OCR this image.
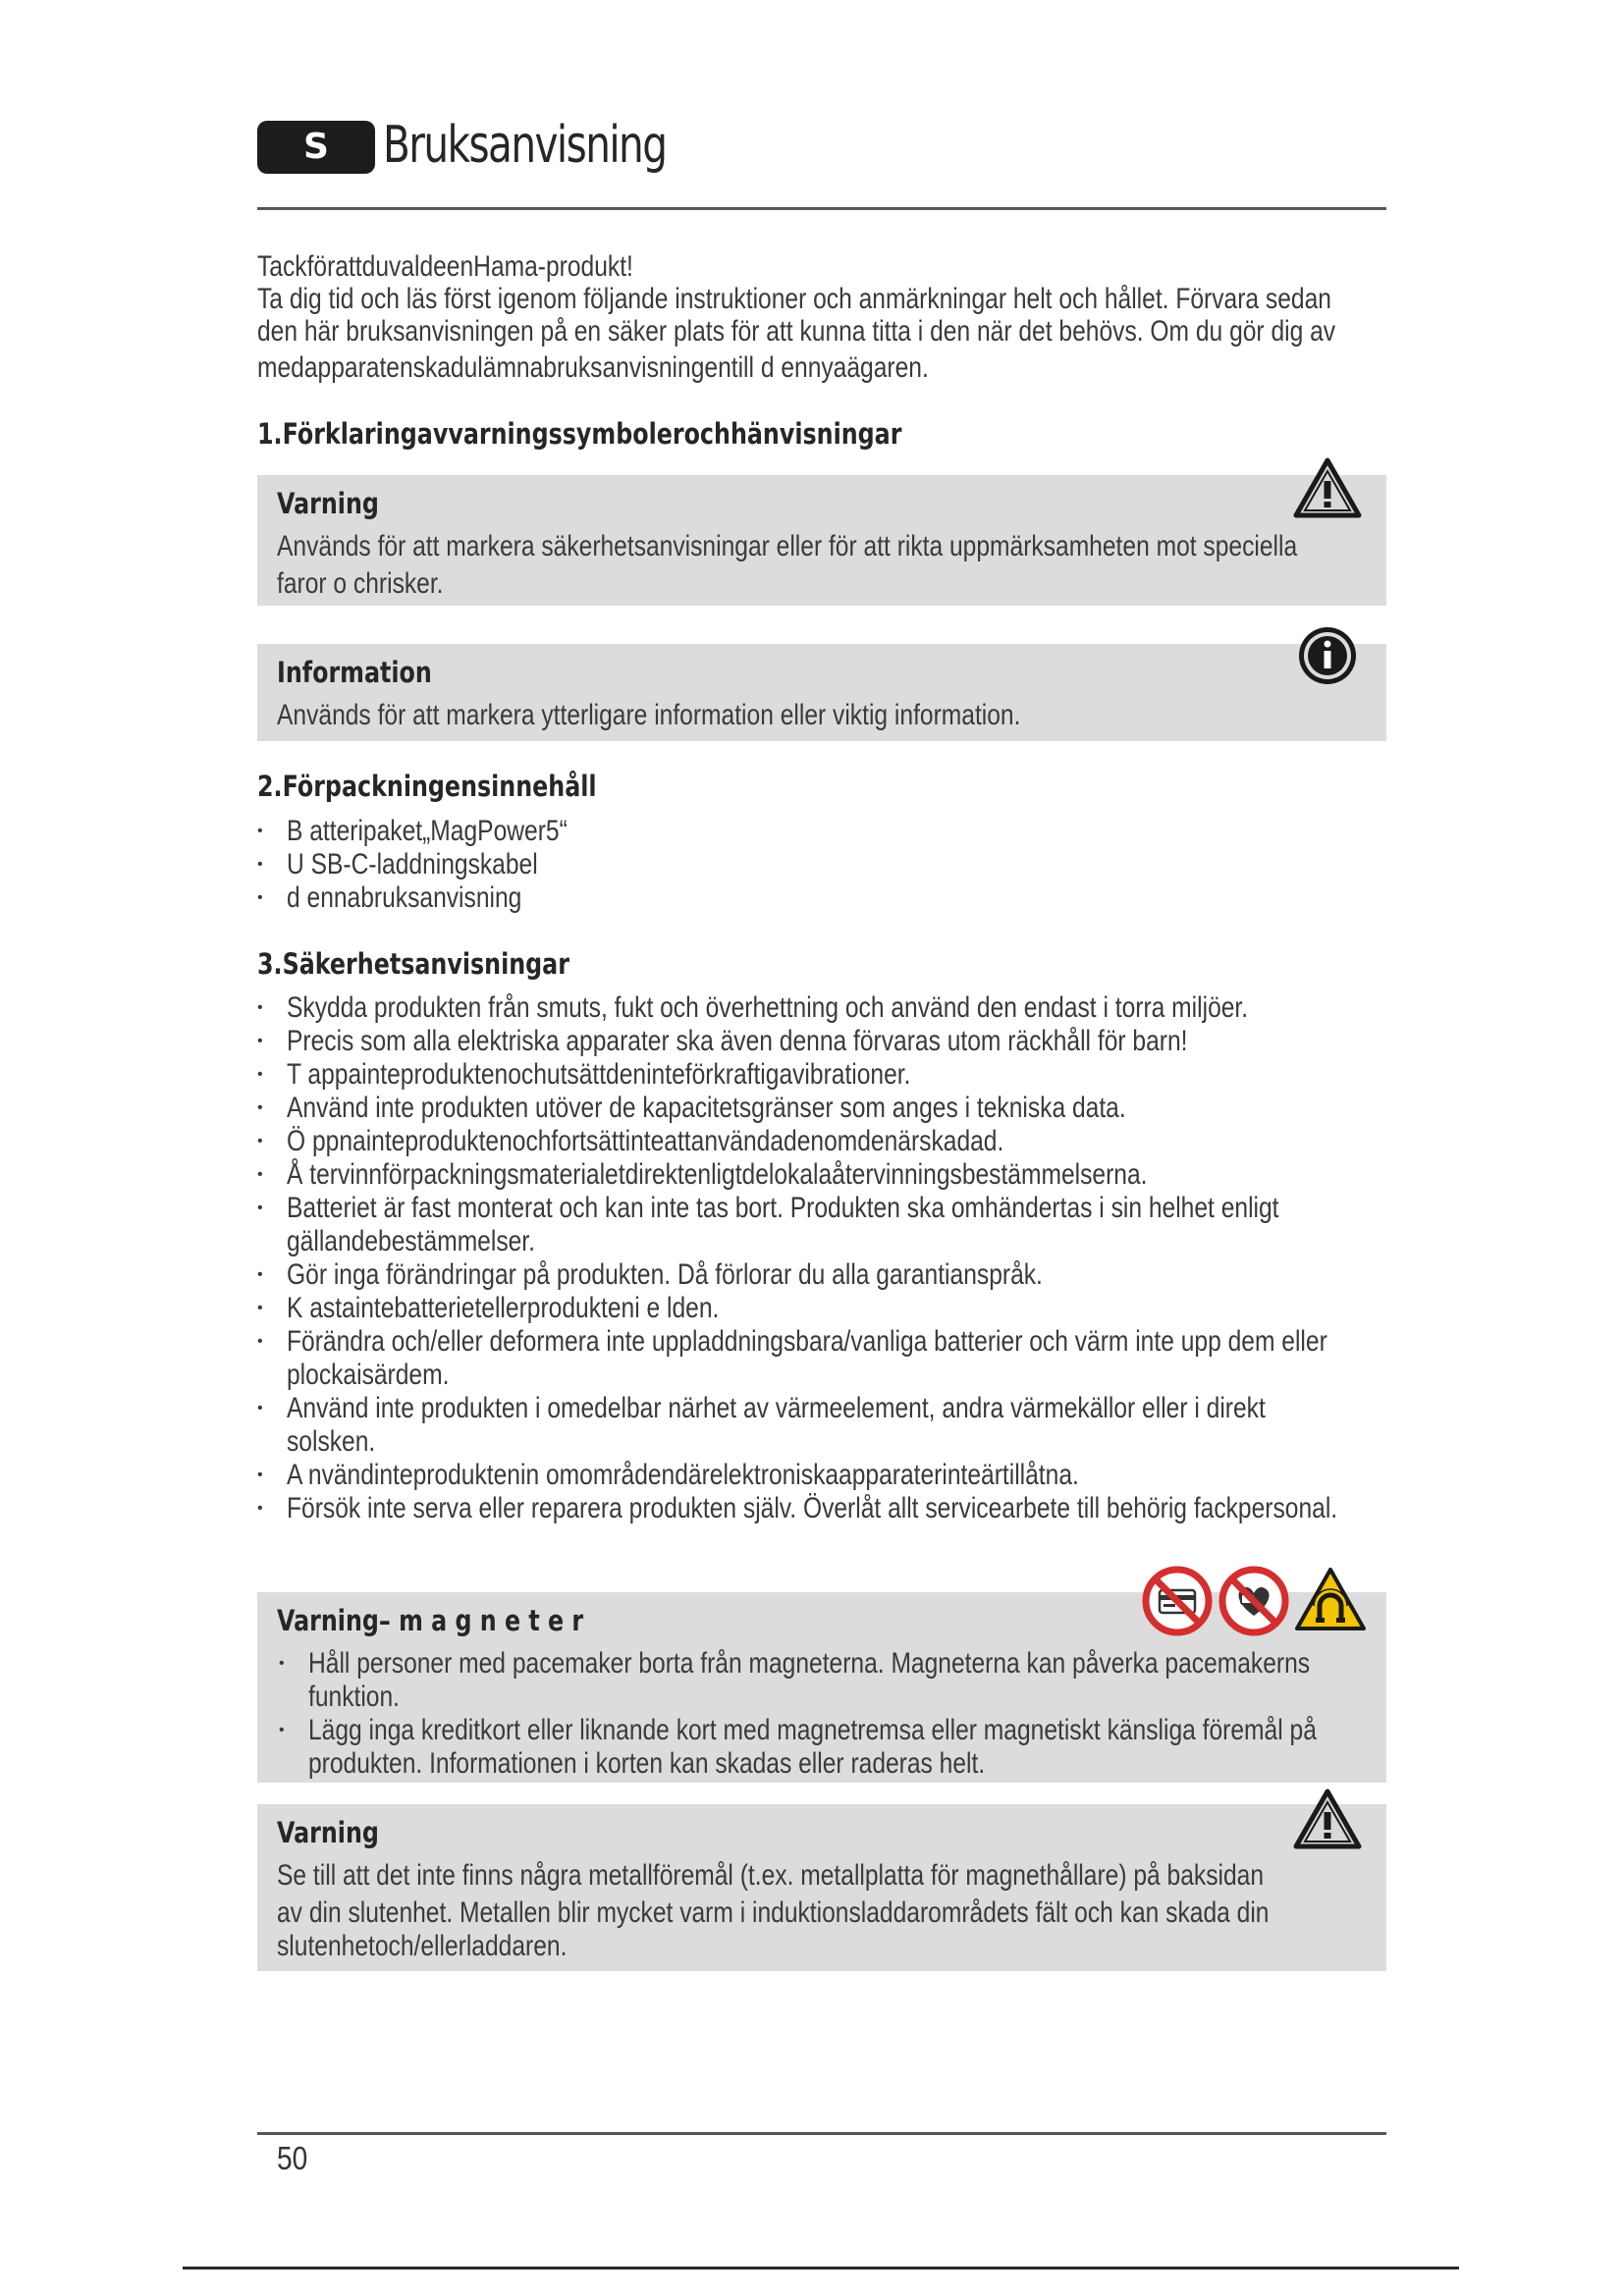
S	Bruksanvisning

TackförattduvaldeenHama-produkt!

Ta dig tid och läs först igenom följande instruktioner och anmärkningar helt och hållet. Förvara sedan

den här bruksanvisningen på en säker plats för att kunna titta i den när det behövs. Om du gör dig av

medapparatenskadulämnabruksanvisningentill d ennyaägaren.

1.Förklaringavvarningssymbolerochhänvisningar
Varning

Används för att markera säkerhetsanvisningar eller för att rikta uppmärksamheten mot speciella

faror o chrisker.

Information

Används för att markera ytterligare information eller viktig information.

2.Förpackningensinnehåll
• B atteripaket„MagPower5“
• U SB-C-laddningskabel
• d ennabruksanvisning
3.Säkerhetsanvisningar
• Skydda produkten från smuts, fukt och överhettning och använd den endast i torra miljöer.
• Precis som alla elektriska apparater ska även denna förvaras utom räckhåll för barn!
• T appainteproduktenochutsättdeninteförkraftigavibrationer.
• Använd inte produkten utöver de kapacitetsgränser som anges i tekniska data.
• Ö ppnainteproduktenochfortsättinteattanvändadenomdenärskadad.
• Å tervinnförpackningsmaterialetdirektenligtdelokalaåtervinningsbestämmelserna.
• Batteriet är fast monterat och kan inte tas bort. Produkten ska omhändertas i sin helhet enligt
gällandebestämmelser.
• Gör inga förändringar på produkten. Då förlorar du alla garantianspråk.
• K astaintebatterietellerprodukteni e lden.
• Förändra och/eller deformera inte uppladdningsbara/vanliga batterier och värm inte upp dem eller
plockaisärdem.
• Använd inte produkten i omedelbar närhet av värmeelement, andra värmekällor eller i direkt
solsken.
• A nvändinteproduktenin omområdendärelektroniskaapparaterinteärtillåtna.
• Försök inte serva eller reparera produkten själv. Överlåt allt servicearbete till behörig fackpersonal.
Varning– m a g n e t e r
• Håll personer med pacemaker borta från magneterna. Magneterna kan påverka pacemakerns
funktion.
• Lägg inga kreditkort eller liknande kort med magnetremsa eller magnetiskt känsliga föremål på
produkten. Informationen i korten kan skadas eller raderas helt.
Varning

Se till att det inte finns några metallföremål (t.ex. metallplatta för magnethållare) på baksidan

av din slutenhet. Metallen blir mycket varm i induktionsladdarområdets fält och kan skada din

slutenhetoch/ellerladdaren.

50
